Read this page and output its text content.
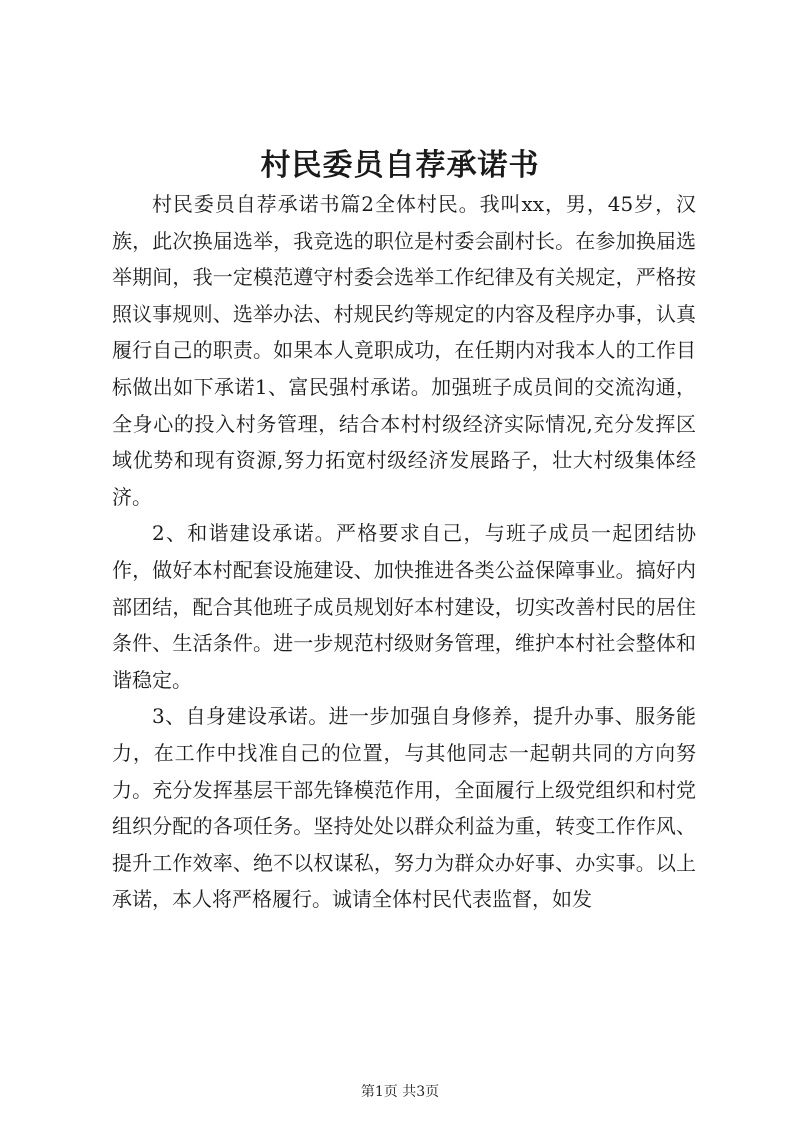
村民委员自荐承诺书

村民委员自荐承诺书篇2全体村民。我叫xx，男，45岁，汉族，此次换届选举，我竞选的职位是村委会副村长。在参加换届选举期间，我一定模范遵守村委会选举工作纪律及有关规定，严格按照议事规则、选举办法、村规民约等规定的内容及程序办事，认真履行自己的职责。如果本人竟职成功，在任期内对我本人的工作目标做出如下承诺1、富民强村承诺。加强班子成员间的交流沟通，全身心的投入村务管理，结合本村村级经济实际情况,充分发挥区域优势和现有资源,努力拓宽村级经济发展路子，壮大村级集体经济。

2、和谐建设承诺。严格要求自己，与班子成员一起团结协作，做好本村配套设施建设、加快推进各类公益保障事业。搞好内部团结，配合其他班子成员规划好本村建设，切实改善村民的居住条件、生活条件。进一步规范村级财务管理，维护本村社会整体和谐稳定。

3、自身建设承诺。进一步加强自身修养，提升办事、服务能力，在工作中找准自己的位置，与其他同志一起朝共同的方向努力。充分发挥基层干部先锋模范作用，全面履行上级党组织和村党组织分配的各项任务。坚持处处以群众利益为重，转变工作作风、提升工作效率、绝不以权谋私，努力为群众办好事、办实事。以上承诺，本人将严格履行。诚请全体村民代表监督，如发

第1页 共3页
